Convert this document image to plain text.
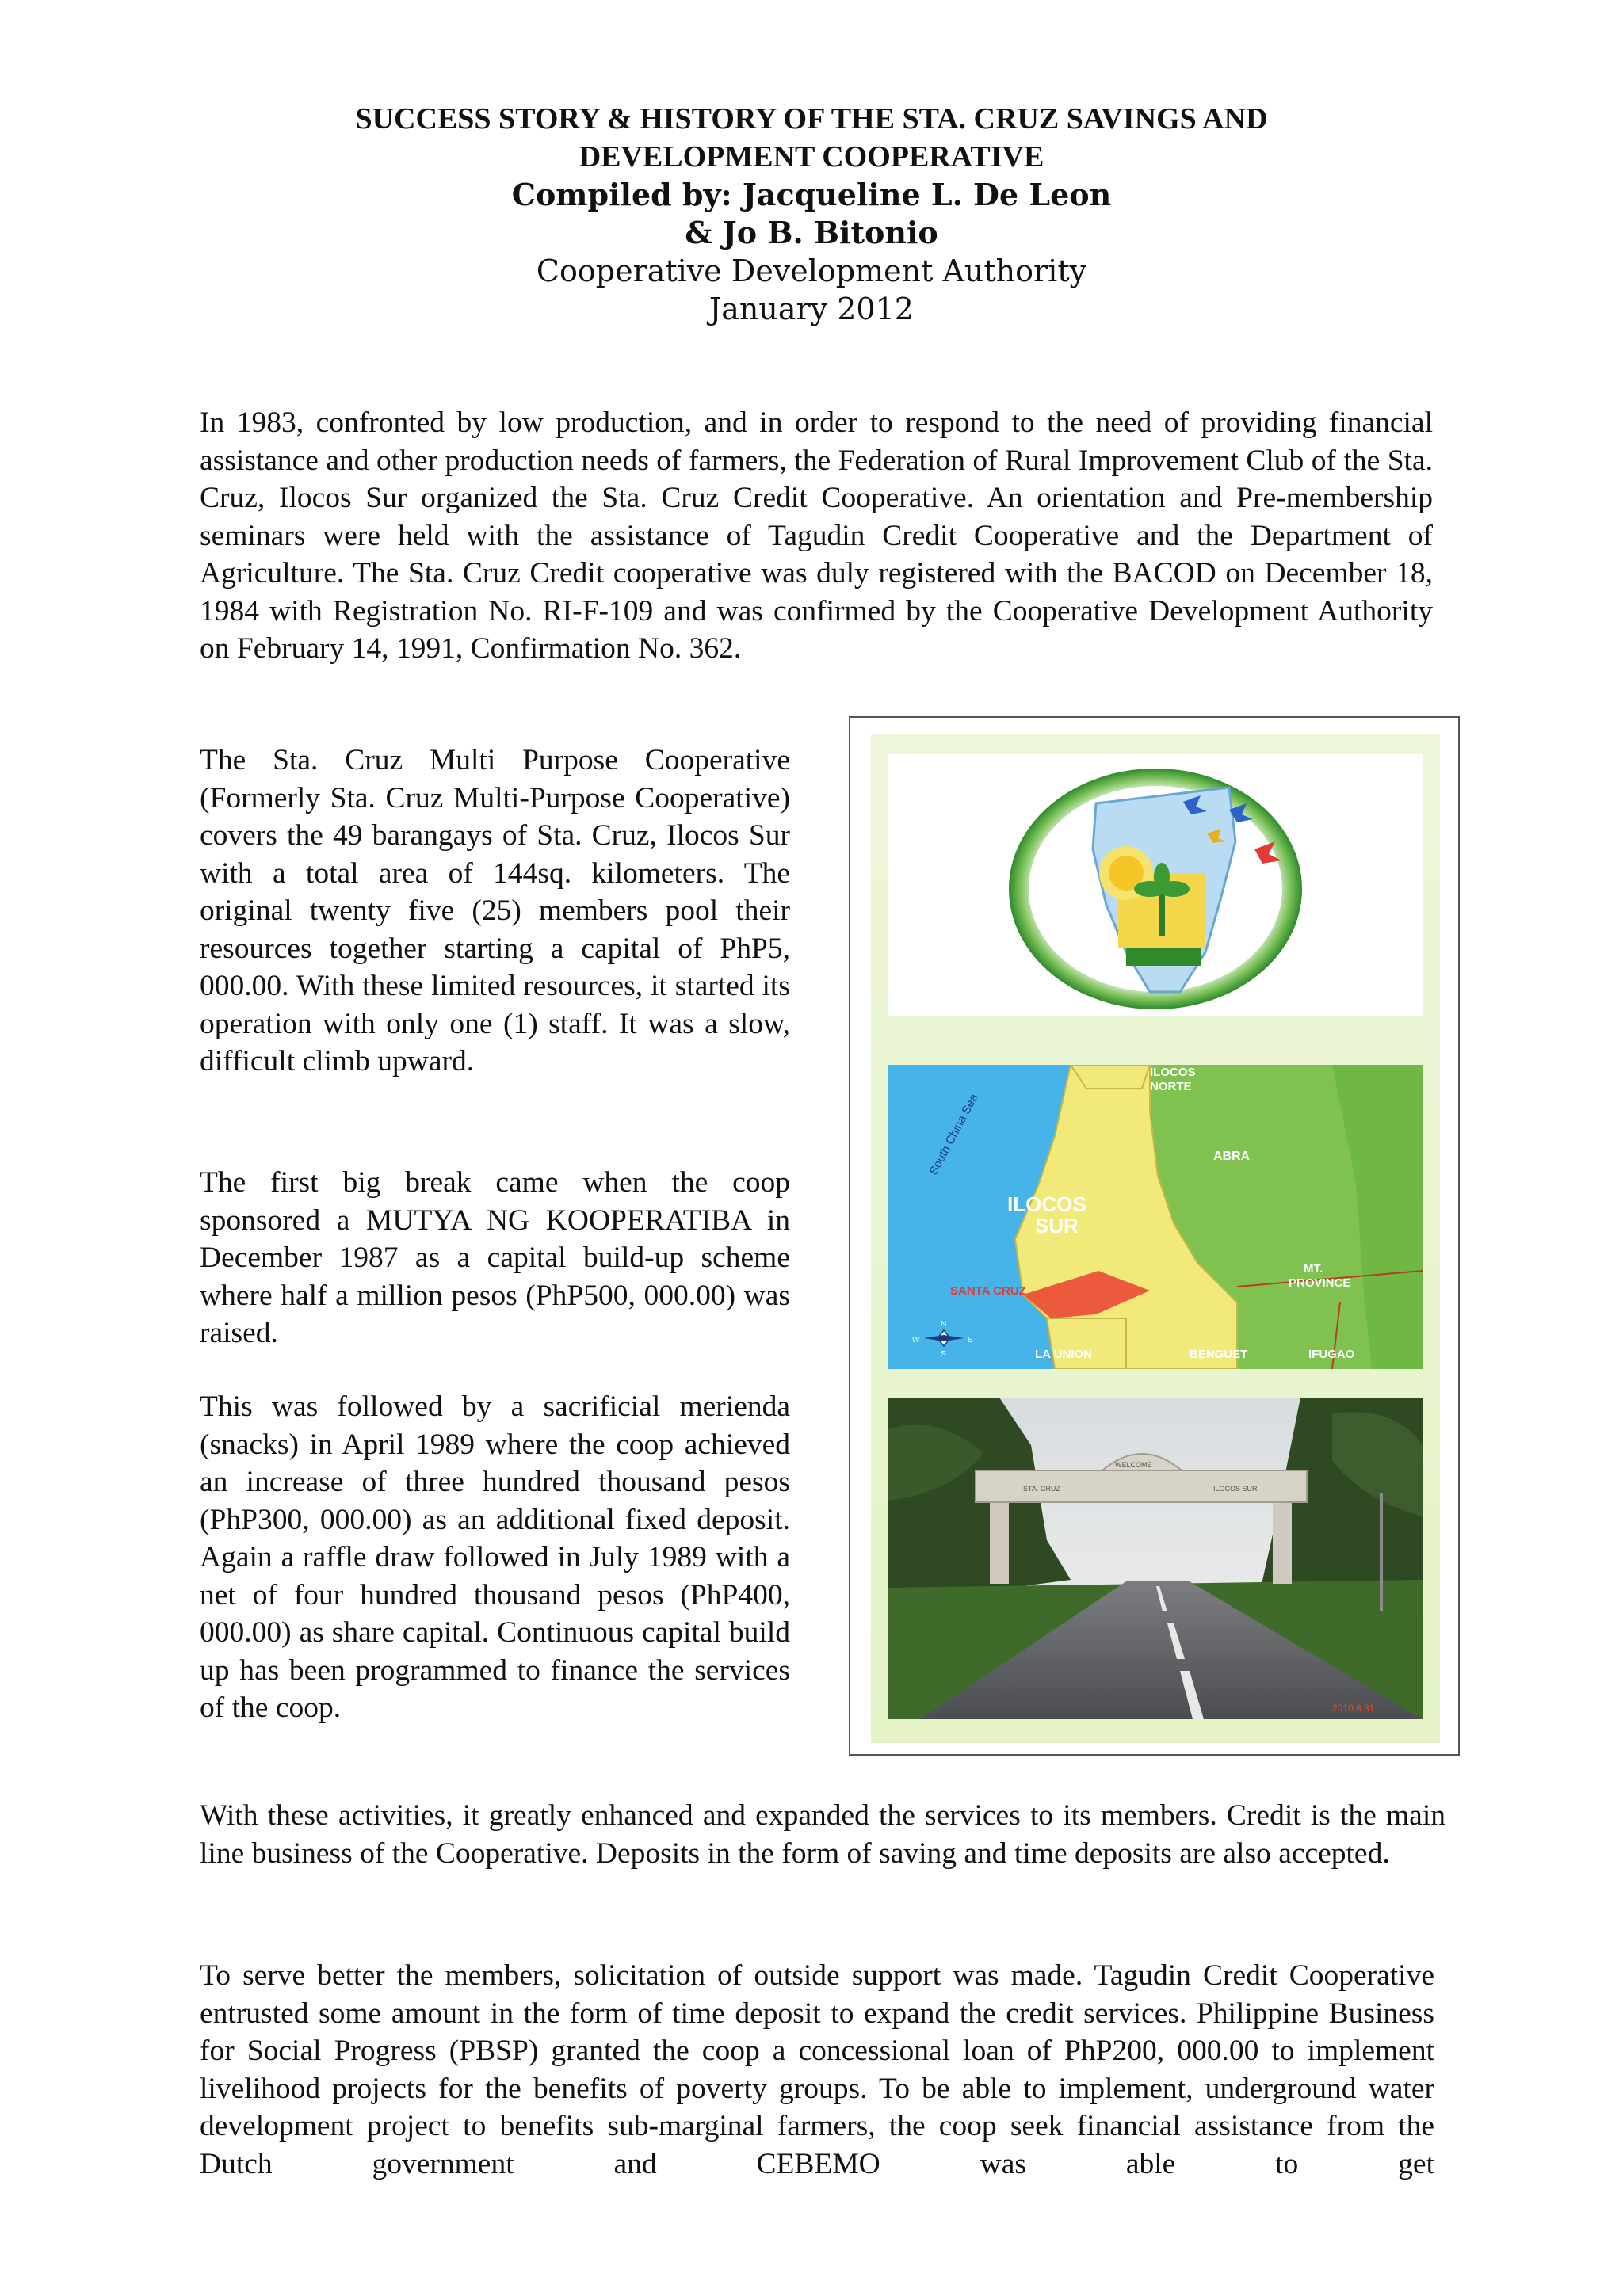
SUCCESS STORY & HISTORY OF THE STA. CRUZ SAVINGS AND
DEVELOPMENT COOPERATIVE
Compiled by: Jacqueline L. De Leon
& Jo B. Bitonio
Cooperative Development Authority
January 2012

In 1983, confronted by low production, and in order to respond to the need of providing financial assistance and other production needs of farmers, the Federation of Rural Improvement Club of the Sta. Cruz, Ilocos Sur organized the Sta. Cruz Credit Cooperative. An orientation and Pre-membership seminars were held with the assistance of Tagudin Credit Cooperative and the Department of Agriculture. The Sta. Cruz Credit cooperative was duly registered with the BACOD on December 18, 1984 with Registration No. RI-F-109 and was confirmed by the Cooperative Development Authority on February 14, 1991, Confirmation No. 362.

The Sta. Cruz Multi Purpose Cooperative (Formerly Sta. Cruz Multi-Purpose Cooperative) covers the 49 barangays of Sta. Cruz, Ilocos Sur with a total area of 144sq. kilometers. The original twenty five (25) members pool their resources together starting a capital of PhP5, 000.00. With these limited resources, it started its operation with only one (1) staff. It was a slow, difficult climb upward.

The first big break came when the coop sponsored a MUTYA NG KOOPERATIBA in December 1987 as a capital build-up scheme where half a million pesos (PhP500, 000.00) was raised.

This was followed by a sacrificial merienda (snacks) in April 1989 where the coop achieved an increase of three hundred thousand pesos (PhP300, 000.00) as an additional fixed deposit. Again a raffle draw followed in July 1989 with a net of four hundred thousand pesos (PhP400, 000.00) as share capital. Continuous capital build up has been programmed to finance the services of the coop.

With these activities, it greatly enhanced and expanded the services to its members. Credit is the main line business of the Cooperative. Deposits in the form of saving and time deposits are also accepted.

To serve better the members, solicitation of outside support was made. Tagudin Credit Cooperative entrusted some amount in the form of time deposit to expand the credit services. Philippine Business for Social Progress (PBSP) granted the coop a concessional loan of PhP200, 000.00 to implement livelihood projects for the benefits of poverty groups. To be able to implement, underground water development project to benefits sub-marginal farmers, the coop seek financial assistance from the Dutch government and CEBEMO was able to get

ILOCOS
NORTE
ABRA
South China Sea
ILOCOS
SUR
SANTA CRUZ
MT.
PROVINCE
LA UNION	BENGUET	IFUGAO
W	E
N
S
WELCOME
STA. CRUZ	ILOCOS SUR
2010 8 31
